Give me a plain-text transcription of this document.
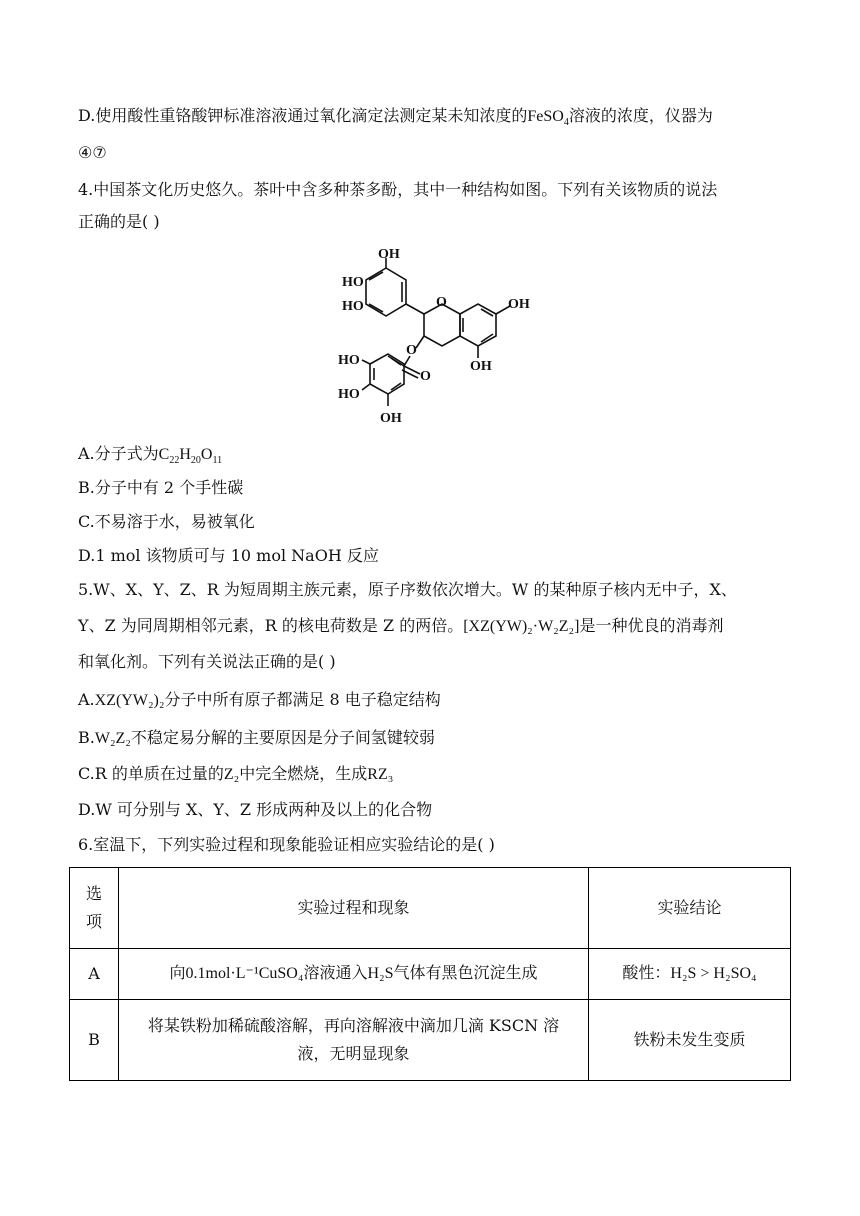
D.使用酸性重铬酸钾标准溶液通过氧化滴定法测定某未知浓度的FeSO$_4$溶液的浓度，仪器为
④⑦
4.中国茶文化历史悠久。茶叶中含多种茶多酚，其中一种结构如图。下列有关该物质的说法
正确的是( )
OH
HO
HO	O	OH
O
O
OH
HO
HO
OH
A.分子式为$C_{22}H_{20}O_{11}$
B.分子中有 2 个手性碳
C.不易溶于水，易被氧化
D.1 mol 该物质可与 10 mol NaOH 反应
5.W、X、Y、Z、R 为短周期主族元素，原子序数依次增大。W 的某种原子核内无中子，X、
Y、Z 为同周期相邻元素，R 的核电荷数是 Z 的两倍。[XZ(YW)₂·W₂Z₂]是一种优良的消毒剂
和氧化剂。下列有关说法正确的是( )
A.XZ(YW₂)₂分子中所有原子都满足 8 电子稳定结构
B.W₂Z₂不稳定易分解的主要原因是分子间氢键较弱
C.R 的单质在过量的Z₂中完全燃烧，生成RZ₃
D.W 可分别与 X、Y、Z 形成两种及以上的化合物
6.室温下，下列实验过程和现象能验证相应实验结论的是( )
选
项	实验过程和现象	实验结论
A	向0.1mol·L⁻¹CuSO₄溶液通入H₂S气体有黑色沉淀生成	酸性：H₂S > H₂SO₄
B	将某铁粉加稀硫酸溶解，再向溶解液中滴加几滴 KSCN 溶
液，无明显现象	铁粉未发生变质
